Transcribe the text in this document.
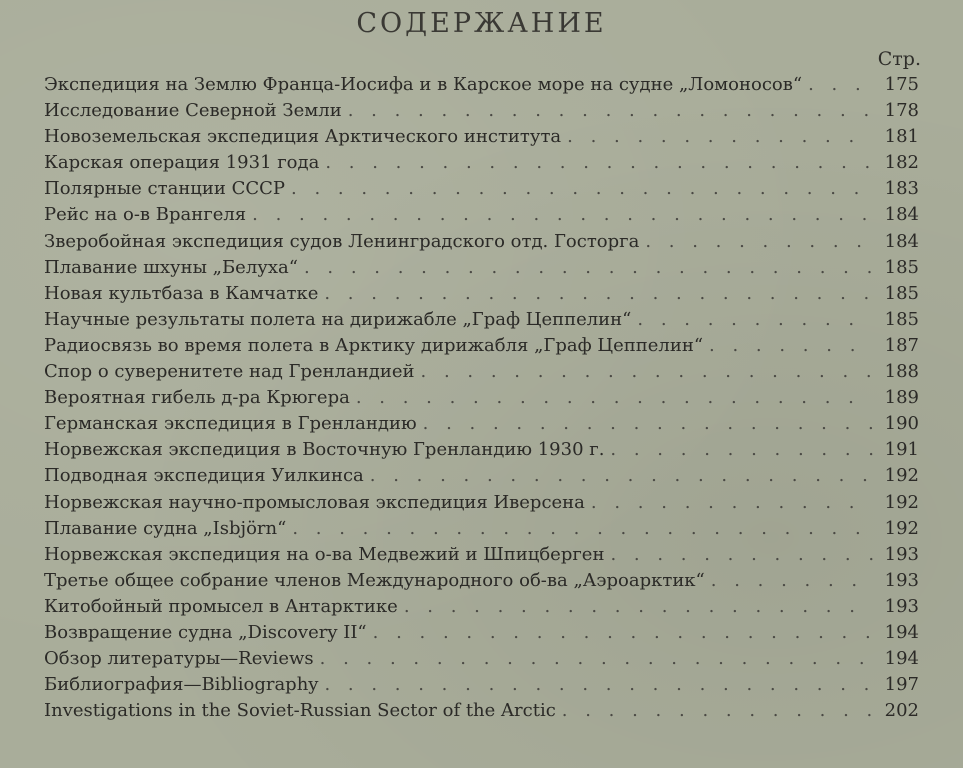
СОДЕРЖАНИЕ
Стр.
Экспедиция на Землю Франца-Иосифа и в Карское море на судне „Ломоносов“ . . .	175
Исследование Северной Земли . . .	178
Новоземельская экспедиция Арктического института . . .	181
Карская операция 1931 года . . .	182
Полярные станции СССР . . .	183
Рейс на о-в Врангеля . . .	184
Зверобойная экспедиция судов Ленинградского отд. Госторга . . .	184
Плавание шхуны „Белуха“ . . .	185
Новая культбаза в Камчатке . . .	185
Научные результаты полета на дирижабле „Граф Цеппелин“ . . .	185
Радиосвязь во время полета в Арктику дирижабля „Граф Цеппелин“ . . .	187
Спор о суверенитете над Гренландией . . .	188
Вероятная гибель д-ра Крюгера . . .	189
Германская экспедиция в Гренландию . . .	190
Норвежская экспедиция в Восточную Гренландию 1930 г. . . .	191
Подводная экспедиция Уилкинса . . .	192
Норвежская научно-промысловая экспедиция Иверсена . . .	192
Плавание судна „Isbjörn“ . . .	192
Норвежская экспедиция на о-ва Медвежий и Шпицберген . . .	193
Третье общее собрание членов Международного об-ва „Аэроарктик“ . . .	193
Китобойный промысел в Антарктике . . .	193
Возвращение судна „Discovery II“ . . .	194
Обзор литературы—Reviews . . .	194
Библиография—Bibliography . . .	197
Investigations in the Soviet-Russian Sector of the Arctic . . .	202
